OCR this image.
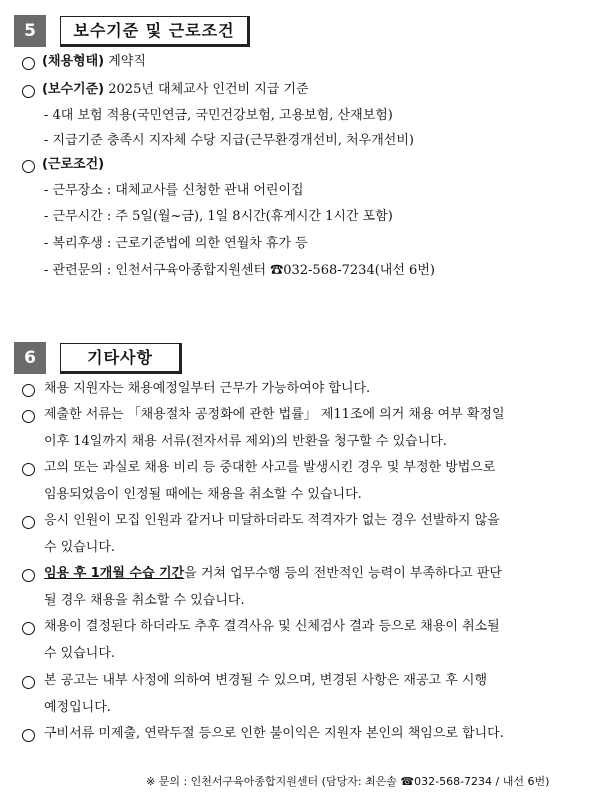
5	보수기준 및 근로조건
(채용형태) 계약직
(보수기준) 2025년 대체교사 인건비 지급 기준
- 4대 보험 적용(국민연금, 국민건강보험, 고용보험, 산재보험)
- 지급기준 충족시 지자체 수당 지급(근무환경개선비, 처우개선비)
(근로조건)
- 근무장소 : 대체교사를 신청한 관내 어린이집
- 근무시간 : 주 5일(월~금), 1일 8시간(휴게시간 1시간 포함)
- 복리후생 : 근로기준법에 의한 연월차 휴가 등
- 관련문의 : 인천서구육아종합지원센터 ☎032-568-7234(내선 6번)
6	기타사항
채용 지원자는 채용예정일부터 근무가 가능하여야 합니다.
제출한 서류는 「채용절차 공정화에 관한 법률」 제11조에 의거 채용 여부 확정일
이후 14일까지 채용 서류(전자서류 제외)의 반환을 청구할 수 있습니다.
고의 또는 과실로 채용 비리 등 중대한 사고를 발생시킨 경우 및 부정한 방법으로
임용되었음이 인정될 때에는 채용을 취소할 수 있습니다.
응시 인원이 모집 인원과 같거나 미달하더라도 적격자가 없는 경우 선발하지 않을
수 있습니다.
임용 후 1개월 수습 기간을 거쳐 업무수행 등의 전반적인 능력이 부족하다고 판단
될 경우 채용을 취소할 수 있습니다.
채용이 결정된다 하더라도 추후 결격사유 및 신체검사 결과 등으로 채용이 취소될
수 있습니다.
본 공고는 내부 사정에 의하여 변경될 수 있으며, 변경된 사항은 재공고 후 시행
예정입니다.
구비서류 미제출, 연락두절 등으로 인한 불이익은 지원자 본인의 책임으로 합니다.
※ 문의 : 인천서구육아종합지원센터 (담당자: 최은솔 ☎032-568-7234 / 내선 6번)
